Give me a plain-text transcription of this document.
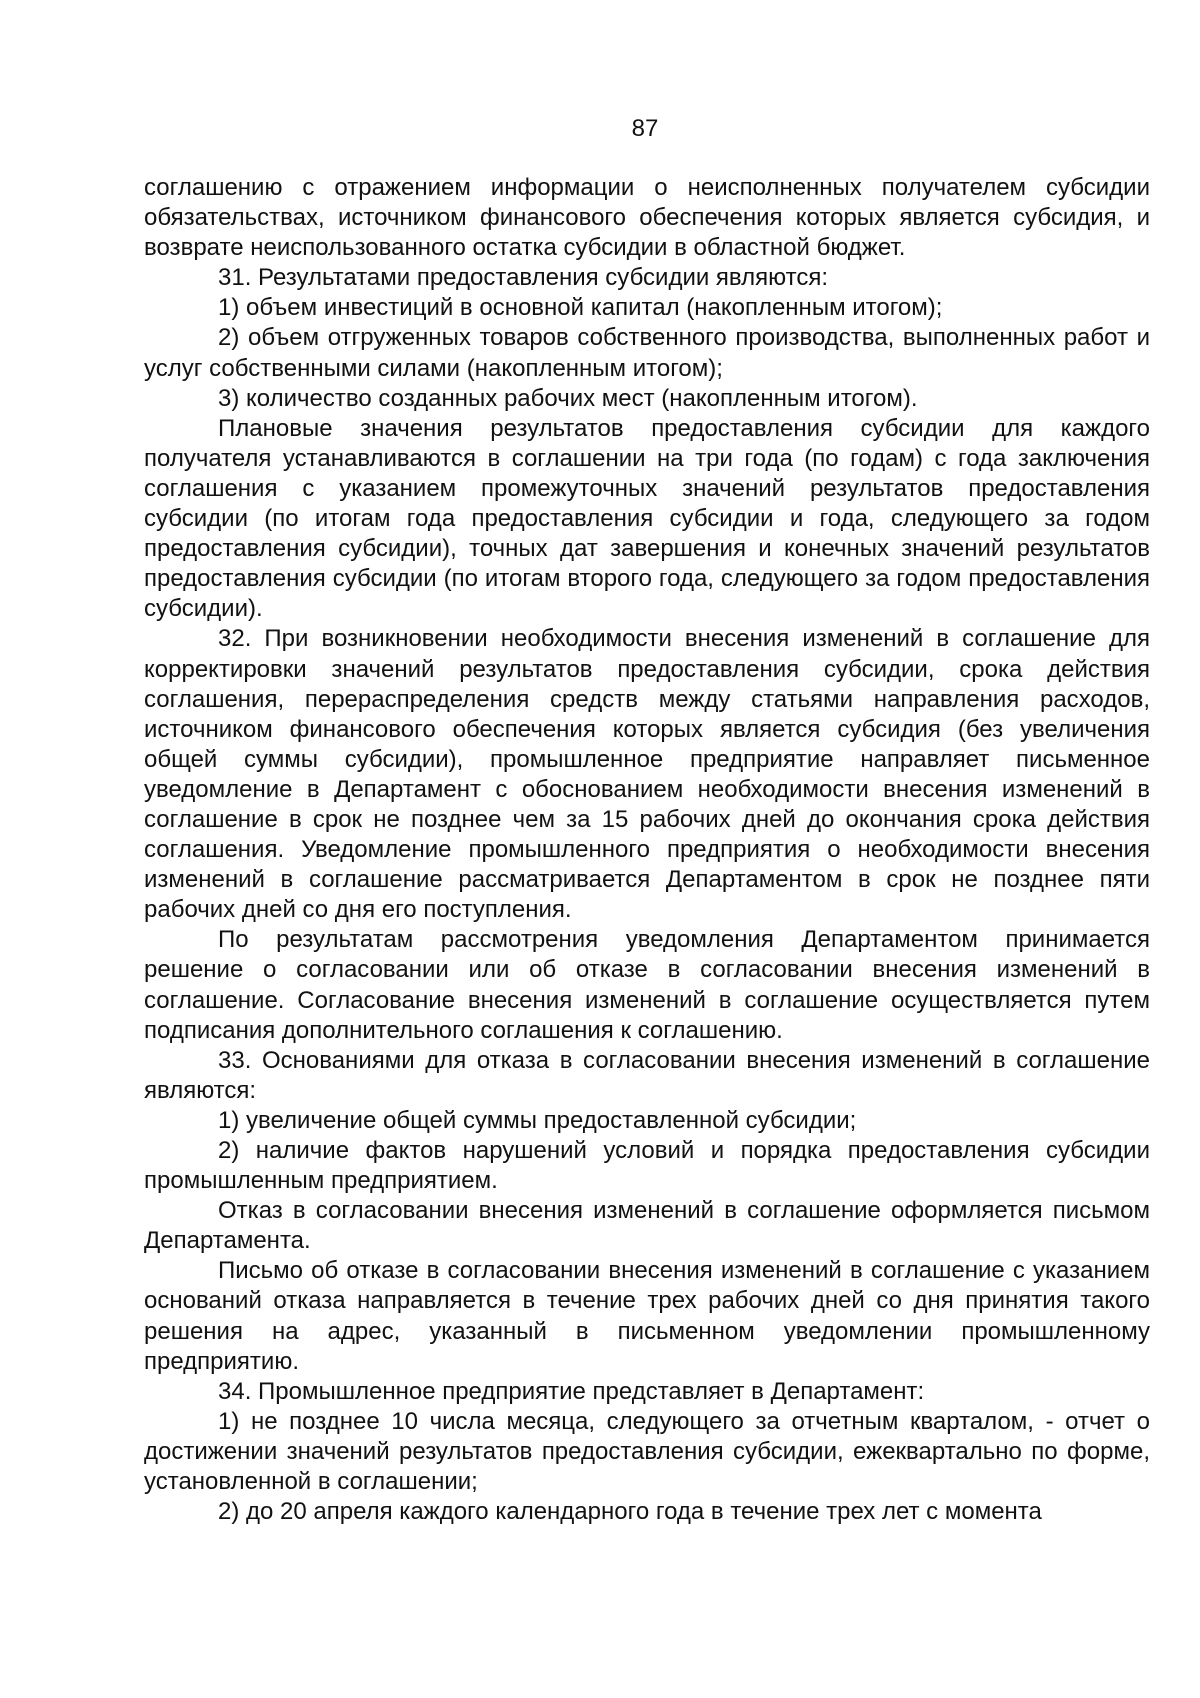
87

соглашению с отражением информации о неисполненных получателем субсидии обязательствах, источником финансового обеспечения которых является субсидия, и возврате неиспользованного остатка субсидии в областной бюджет.

31. Результатами предоставления субсидии являются:

1) объем инвестиций в основной капитал (накопленным итогом);

2) объем отгруженных товаров собственного производства, выполненных работ и услуг собственными силами (накопленным итогом);

3) количество созданных рабочих мест (накопленным итогом).

Плановые значения результатов предоставления субсидии для каждого получателя устанавливаются в соглашении на три года (по годам) с года заключения соглашения с указанием промежуточных значений результатов предоставления субсидии (по итогам года предоставления субсидии и года, следующего за годом предоставления субсидии), точных дат завершения и конечных значений результатов предоставления субсидии (по итогам второго года, следующего за годом предоставления субсидии).

32. При возникновении необходимости внесения изменений в соглашение для корректировки значений результатов предоставления субсидии, срока действия соглашения, перераспределения средств между статьями направления расходов, источником финансового обеспечения которых является субсидия (без увеличения общей суммы субсидии), промышленное предприятие направляет письменное уведомление в Департамент с обоснованием необходимости внесения изменений в соглашение в срок не позднее чем за 15 рабочих дней до окончания срока действия соглашения. Уведомление промышленного предприятия о необходимости внесения изменений в соглашение рассматривается Департаментом в срок не позднее пяти рабочих дней со дня его поступления.

По результатам рассмотрения уведомления Департаментом принимается решение о согласовании или об отказе в согласовании внесения изменений в соглашение. Согласование внесения изменений в соглашение осуществляется путем подписания дополнительного соглашения к соглашению.

33. Основаниями для отказа в согласовании внесения изменений в соглашение являются:

1) увеличение общей суммы предоставленной субсидии;

2) наличие фактов нарушений условий и порядка предоставления субсидии промышленным предприятием.

Отказ в согласовании внесения изменений в соглашение оформляется письмом Департамента.

Письмо об отказе в согласовании внесения изменений в соглашение с указанием оснований отказа направляется в течение трех рабочих дней со дня принятия такого решения на адрес, указанный в письменном уведомлении промышленному предприятию.

34. Промышленное предприятие представляет в Департамент:

1) не позднее 10 числа месяца, следующего за отчетным кварталом, - отчет о достижении значений результатов предоставления субсидии, ежеквартально по форме, установленной в соглашении;

2) до 20 апреля каждого календарного года в течение трех лет с момента
